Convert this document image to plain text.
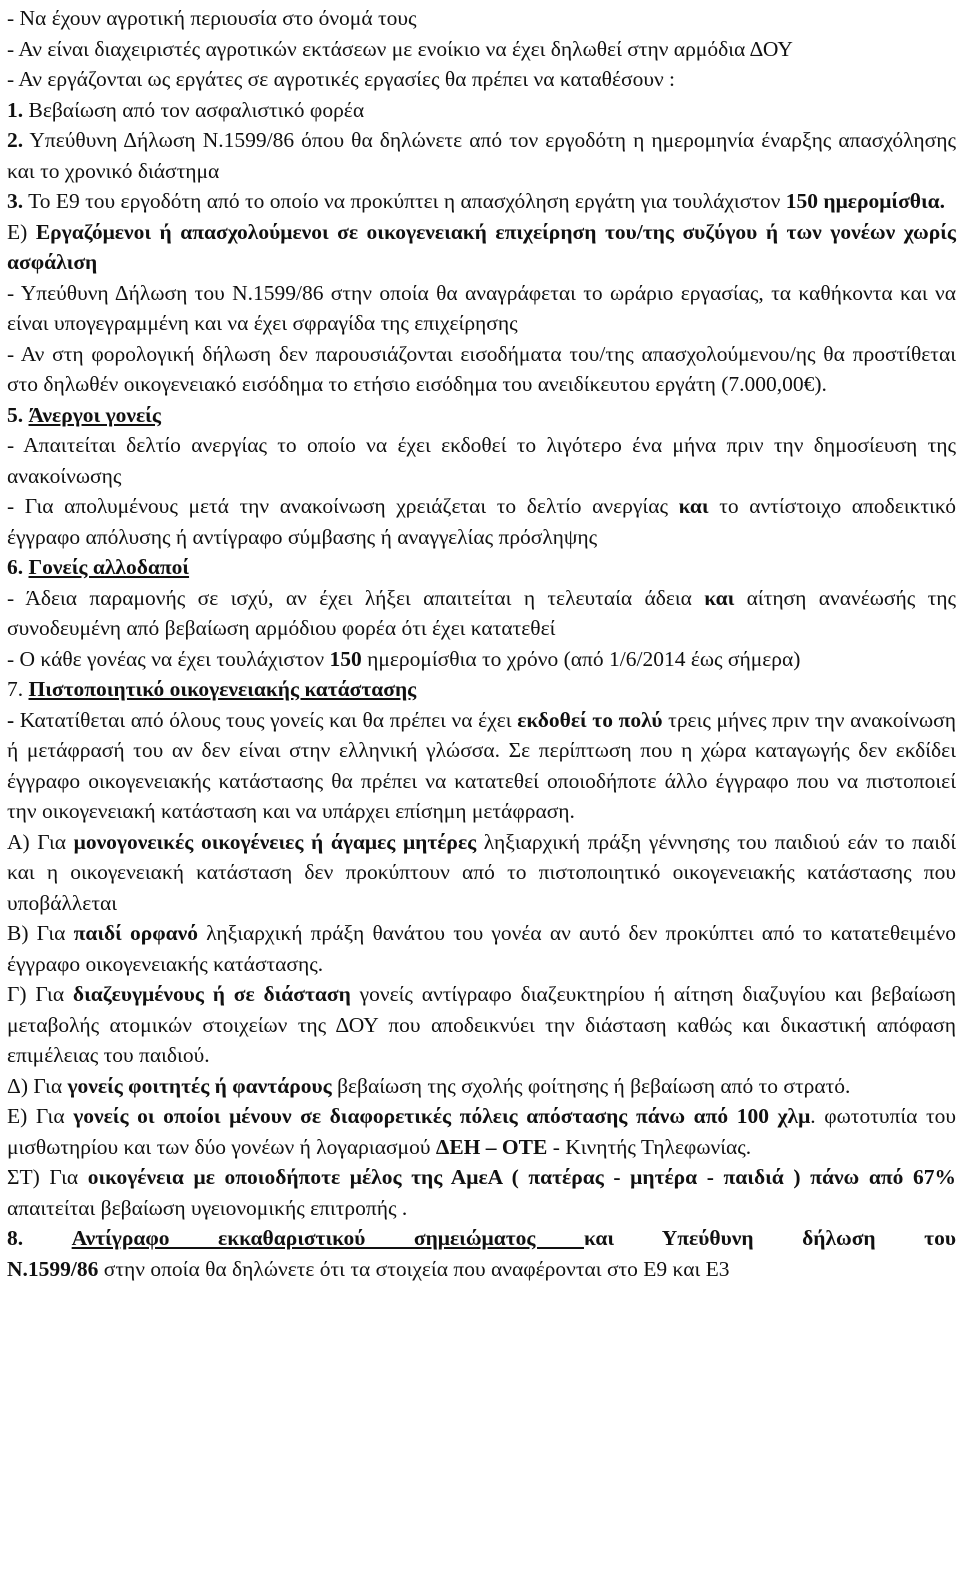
- Να έχουν αγροτική περιουσία στο όνομά τους

- Αν είναι διαχειριστές αγροτικών εκτάσεων με ενοίκιο να έχει δηλωθεί στην αρμόδια ΔΟΥ

- Αν εργάζονται ως εργάτες σε αγροτικές εργασίες θα πρέπει να καταθέσουν :

1. Βεβαίωση από τον ασφαλιστικό φορέα

2. Υπεύθυνη Δήλωση Ν.1599/86 όπου θα δηλώνετε από τον εργοδότη η ημερομηνία έναρξης απασχόλησης και το χρονικό διάστημα

3. Το Ε9 του εργοδότη από το οποίο να προκύπτει η απασχόληση εργάτη για τουλάχιστον 150 ημερομίσθια.

Ε) Εργαζόμενοι ή απασχολούμενοι σε οικογενειακή επιχείρηση του/της συζύγου ή των γονέων χωρίς ασφάλιση

- Υπεύθυνη Δήλωση του Ν.1599/86 στην οποία θα αναγράφεται το ωράριο εργασίας, τα καθήκοντα και να είναι υπογεγραμμένη και να έχει σφραγίδα της επιχείρησης

- Αν στη φορολογική δήλωση δεν παρουσιάζονται εισοδήματα του/της απασχολούμενου/ης θα προστίθεται στο δηλωθέν οικογενειακό εισόδημα το ετήσιο εισόδημα του ανειδίκευτου εργάτη (7.000,00€).

5. Άνεργοι γονείς

- Απαιτείται δελτίο ανεργίας το οποίο να έχει εκδοθεί το λιγότερο ένα μήνα πριν την δημοσίευση της ανακοίνωσης

- Για απολυμένους μετά την ανακοίνωση χρειάζεται το δελτίο ανεργίας και το αντίστοιχο αποδεικτικό έγγραφο απόλυσης ή αντίγραφο σύμβασης ή αναγγελίας πρόσληψης

6. Γονείς αλλοδαποί

- Άδεια παραμονής σε ισχύ, αν έχει λήξει απαιτείται η τελευταία άδεια και αίτηση ανανέωσής της συνοδευμένη από βεβαίωση αρμόδιου φορέα ότι έχει κατατεθεί

- Ο κάθε γονέας να έχει τουλάχιστον 150 ημερομίσθια το χρόνο (από 1/6/2014 έως σήμερα)

7. Πιστοποιητικό οικογενειακής κατάστασης

- Κατατίθεται από όλους τους γονείς και θα πρέπει να έχει εκδοθεί το πολύ τρεις μήνες πριν την ανακοίνωση ή μετάφρασή του αν δεν είναι στην ελληνική γλώσσα. Σε περίπτωση που η χώρα καταγωγής δεν εκδίδει έγγραφο οικογενειακής κατάστασης θα πρέπει να κατατεθεί οποιοδήποτε άλλο έγγραφο που να πιστοποιεί την οικογενειακή κατάσταση και να υπάρχει επίσημη μετάφραση.

Α) Για μονογονεικές οικογένειες ή άγαμες μητέρες ληξιαρχική πράξη γέννησης του παιδιού εάν το παιδί και η οικογενειακή κατάσταση δεν προκύπτουν από το πιστοποιητικό οικογενειακής κατάστασης που υποβάλλεται

Β) Για παιδί ορφανό ληξιαρχική πράξη θανάτου του γονέα αν αυτό δεν προκύπτει από το κατατεθειμένο έγγραφο οικογενειακής κατάστασης.

Γ) Για διαζευγμένους ή σε διάσταση γονείς αντίγραφο διαζευκτηρίου ή αίτηση διαζυγίου και βεβαίωση μεταβολής ατομικών στοιχείων της ΔΟΥ που αποδεικνύει την διάσταση καθώς και δικαστική απόφαση επιμέλειας του παιδιού.

Δ) Για γονείς φοιτητές ή φαντάρους βεβαίωση της σχολής φοίτησης ή βεβαίωση από το στρατό.

Ε) Για γονείς οι οποίοι μένουν σε διαφορετικές πόλεις απόστασης πάνω από 100 χλμ. φωτοτυπία του μισθωτηρίου και των δύο γονέων ή λογαριασμού ΔΕΗ – ΟΤΕ - Κινητής Τηλεφωνίας.

ΣΤ) Για οικογένεια με οποιοδήποτε μέλος της ΑμεΑ ( πατέρας - μητέρα - παιδιά ) πάνω από 67% απαιτείται βεβαίωση υγειονομικής επιτροπής .

8. Αντίγραφο εκκαθαριστικού σημειώματος και Υπεύθυνη δήλωση του

Ν.1599/86 στην οποία θα δηλώνετε ότι τα στοιχεία που αναφέρονται στο Ε9 και Ε3
